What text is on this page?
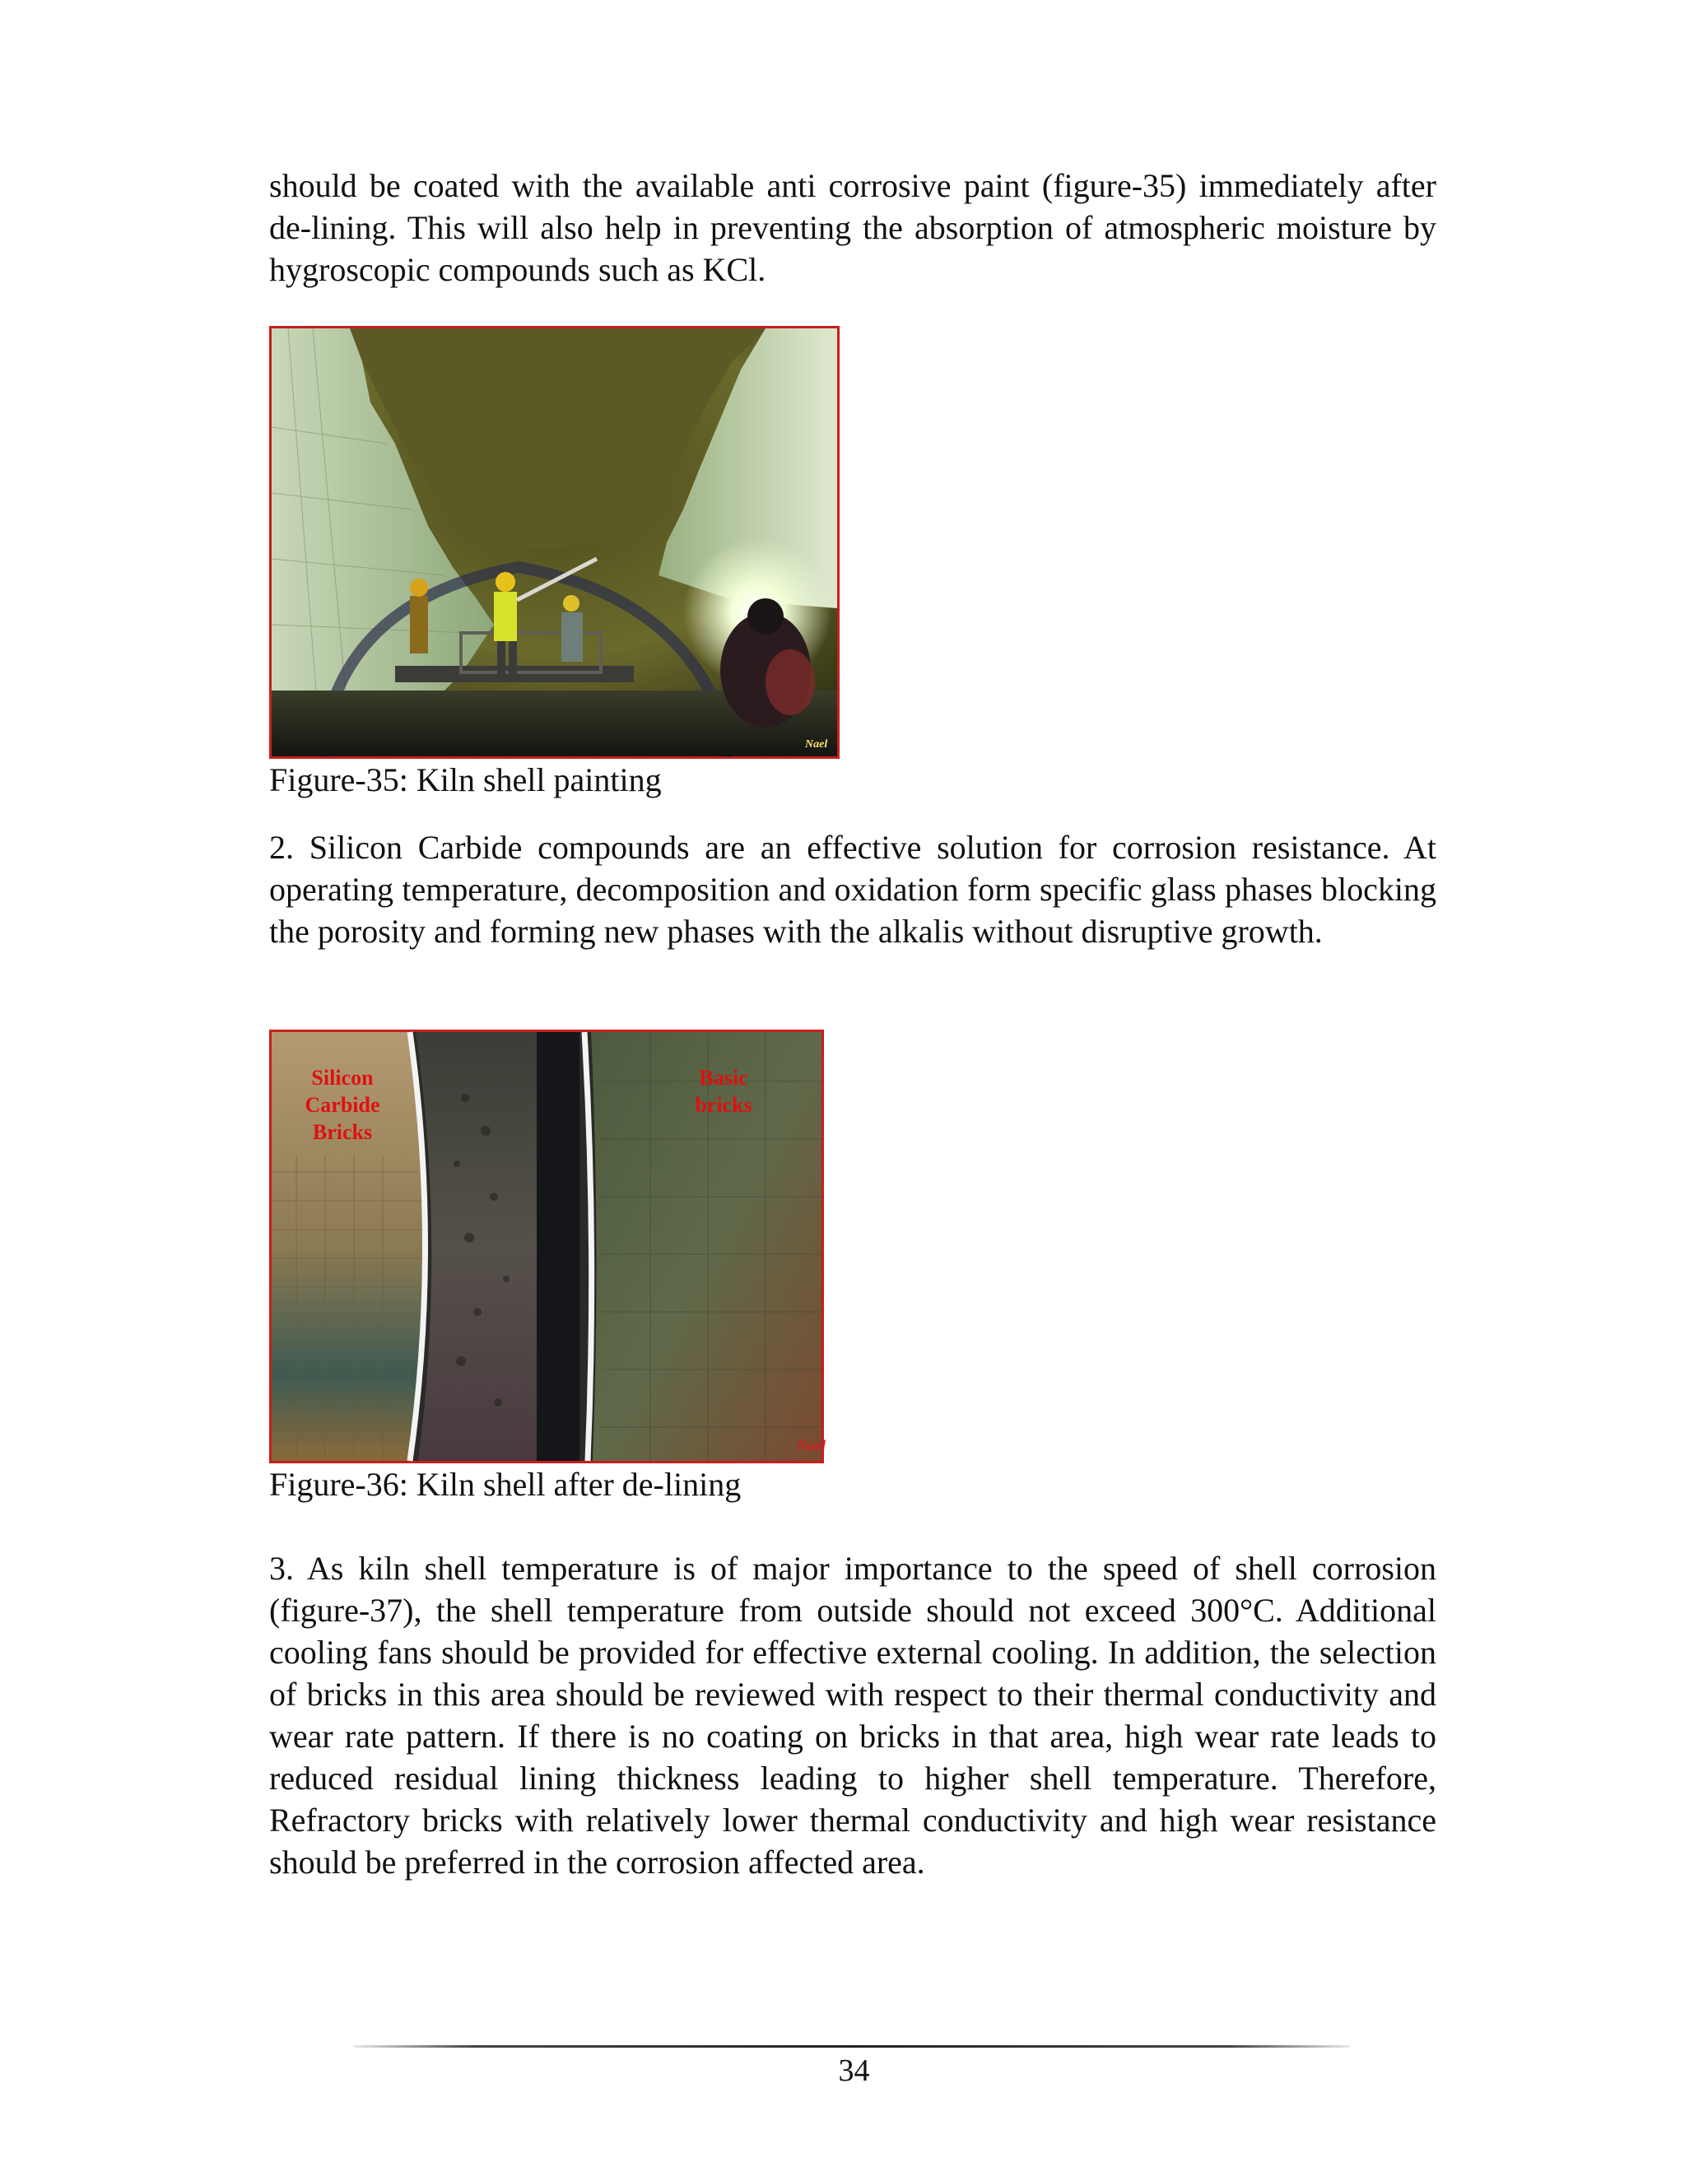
should be coated with the available anti corrosive paint (figure-35) immediately after de-lining. This will also help in preventing the absorption of atmospheric moisture by hygroscopic compounds such as KCl.

Nael

Figure-35: Kiln shell painting

2. Silicon Carbide compounds are an effective solution for corrosion resistance. At operating temperature, decomposition and oxidation form specific glass phases blocking the porosity and forming new phases with the alkalis without disruptive growth.

Silicon
Carbide
Bricks
Basic
bricks
Nael

Figure-36: Kiln shell after de-lining

3. As kiln shell temperature is of major importance to the speed of shell corrosion (figure-37), the shell temperature from outside should not exceed 300°C. Additional cooling fans should be provided for effective external cooling. In addition, the selection of bricks in this area should be reviewed with respect to their thermal conductivity and wear rate pattern. If there is no coating on bricks in that area, high wear rate leads to reduced residual lining thickness leading to higher shell temperature. Therefore, Refractory bricks with relatively lower thermal conductivity and high wear resistance should be preferred in the corrosion affected area.

34
